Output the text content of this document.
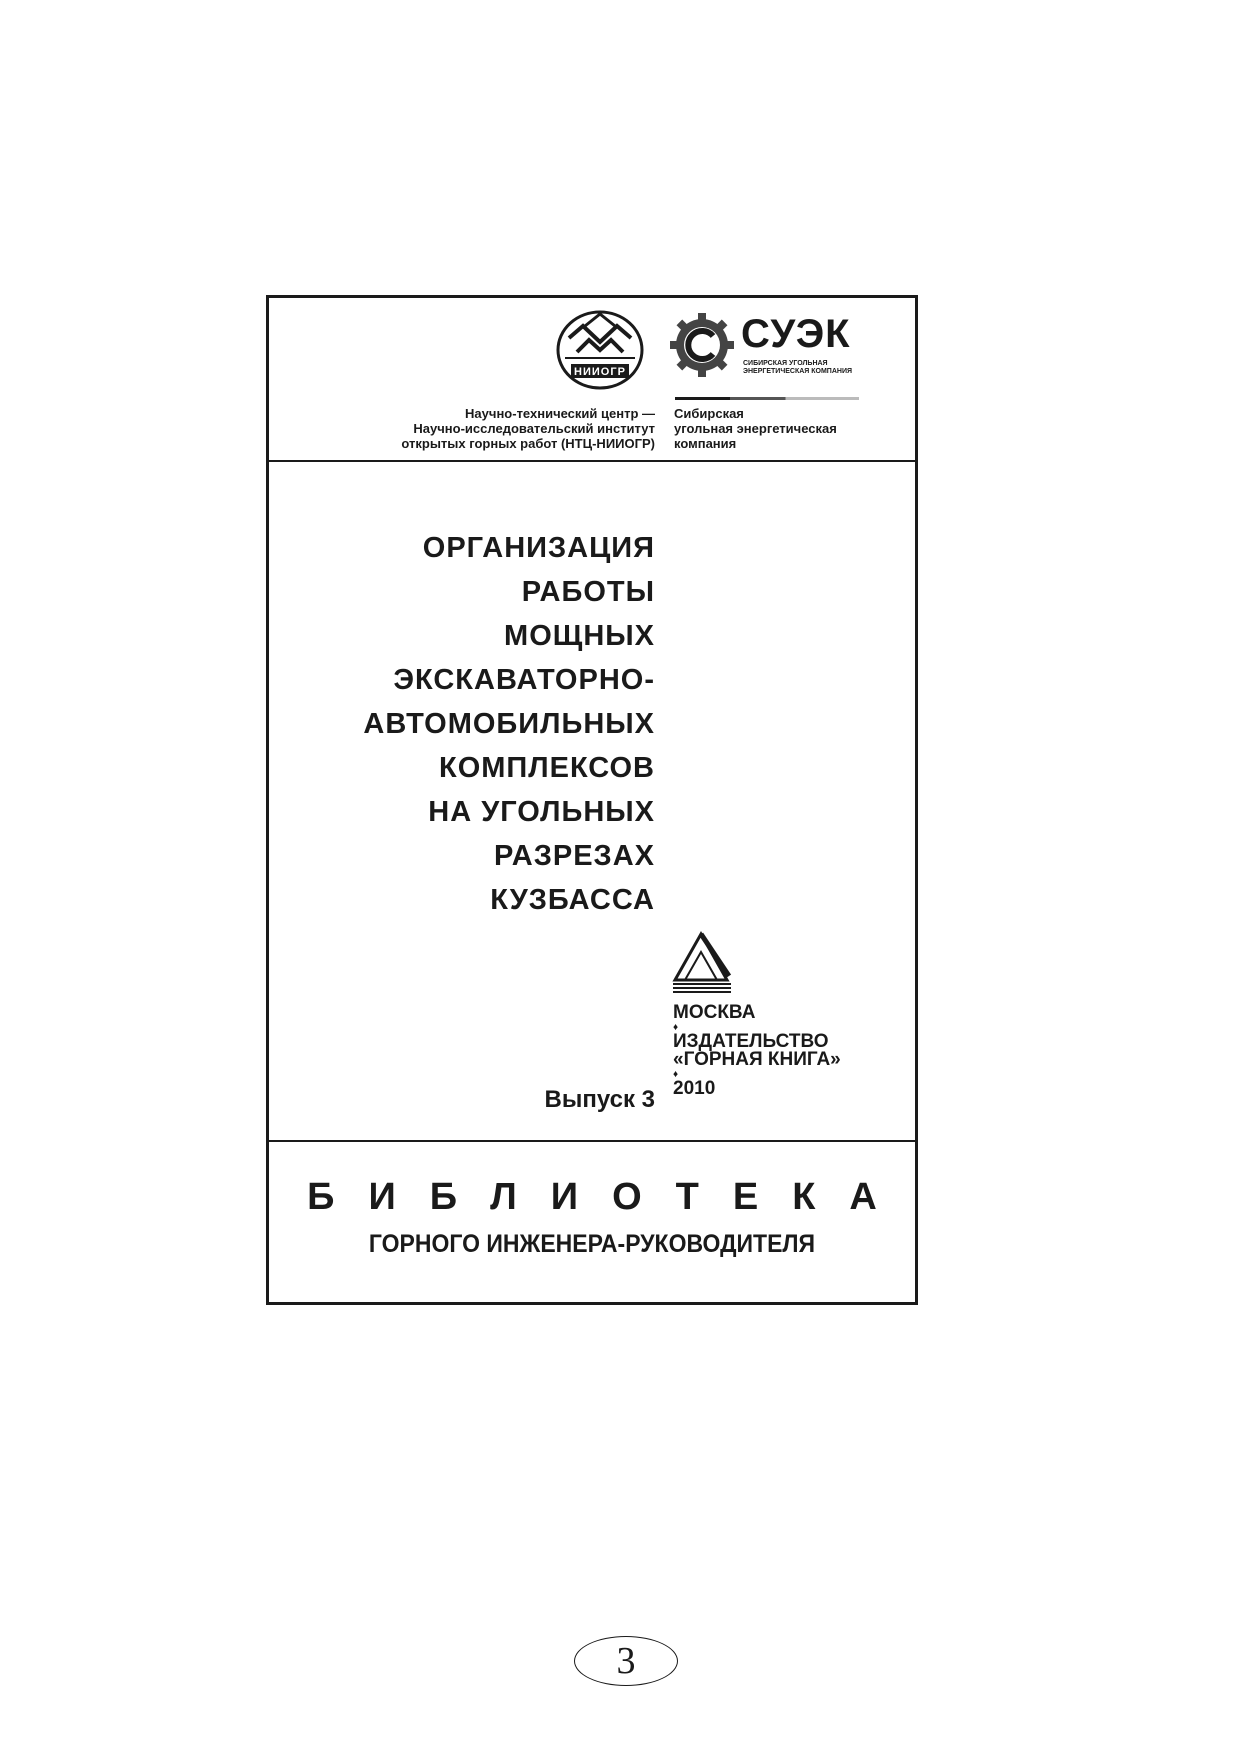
НИИОГР
СУЭК
СИБИРСКАЯ УГОЛЬНАЯ ЭНЕРГЕТИЧЕСКАЯ КОМПАНИЯ
Научно-технический центр —
Научно-исследовательский институт
открытых горных работ (НТЦ-НИИОГР)
Сибирская
угольная энергетическая
компания
ОРГАНИЗАЦИЯ
РАБОТЫ
МОЩНЫХ
ЭКСКАВАТОРНО-
АВТОМОБИЛЬНЫХ
КОМПЛЕКСОВ
НА УГОЛЬНЫХ
РАЗРЕЗАХ
КУЗБАССА
Выпуск 3
МОСКВА
♦
ИЗДАТЕЛЬСТВО
«ГОРНАЯ КНИГА»
♦
2010
БИБЛИОТЕКА
ГОРНОГО ИНЖЕНЕРА-РУКОВОДИТЕЛЯ
3
